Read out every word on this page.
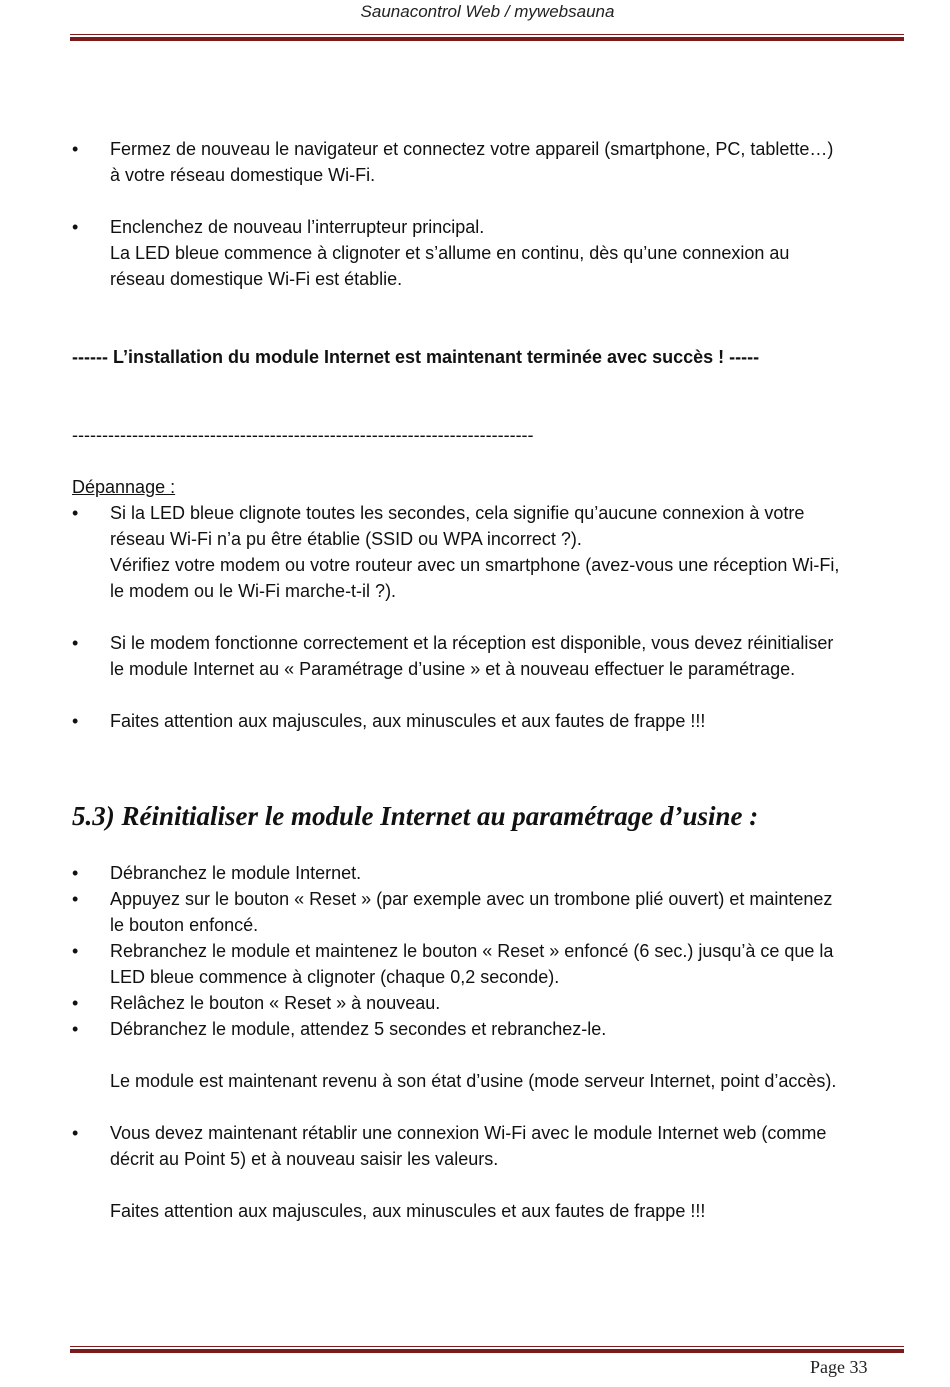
Saunacontrol Web / mywebsauna
• Fermez de nouveau le navigateur et connectez votre appareil (smartphone, PC, tablette…)
à votre réseau domestique Wi-Fi.
• Enclenchez de nouveau l’interrupteur principal.
La LED bleue commence à clignoter et s’allume en continu, dès qu’une connexion au
réseau domestique Wi-Fi est établie.
------ L’installation du module Internet est maintenant terminée avec succès ! -----
-----------------------------------------------------------------------------
Dépannage :
• Si la LED bleue clignote toutes les secondes, cela signifie qu’aucune connexion à votre
réseau Wi-Fi n’a pu être établie (SSID ou WPA incorrect ?).
Vérifiez votre modem ou votre routeur avec un smartphone (avez-vous une réception Wi-Fi,
le modem ou le Wi-Fi marche-t-il ?).
• Si le modem fonctionne correctement et la réception est disponible, vous devez réinitialiser
le module Internet au « Paramétrage d’usine » et à nouveau effectuer le paramétrage.
• Faites attention aux majuscules, aux minuscules et aux fautes de frappe !!!
5.3) Réinitialiser le module Internet au paramétrage d’usine :
• Débranchez le module Internet.
• Appuyez sur le bouton « Reset » (par exemple avec un trombone plié ouvert) et maintenez
le bouton enfoncé.
• Rebranchez le module et maintenez le bouton « Reset » enfoncé (6 sec.) jusqu’à ce que la
LED bleue commence à clignoter (chaque 0,2 seconde).
• Relâchez le bouton « Reset » à nouveau.
• Débranchez le module, attendez 5 secondes et rebranchez-le.
Le module est maintenant revenu à son état d’usine (mode serveur Internet, point d’accès).
• Vous devez maintenant rétablir une connexion Wi-Fi avec le module Internet web (comme
décrit au Point 5) et à nouveau saisir les valeurs.
Faites attention aux majuscules, aux minuscules et aux fautes de frappe !!!
Page 33
